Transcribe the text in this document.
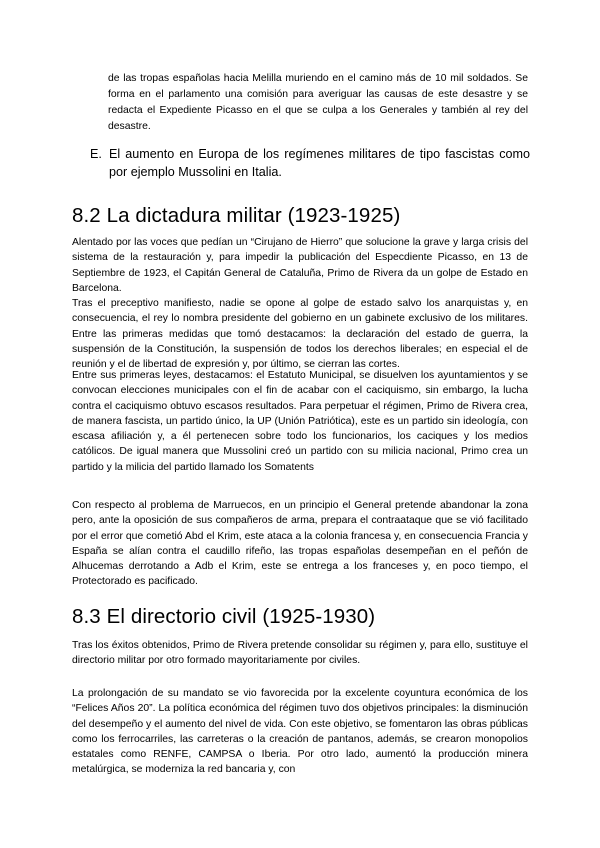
de las tropas españolas hacia Melilla muriendo en el camino más de 10 mil soldados. Se forma en el parlamento una comisión para averiguar las causas de este desastre y se redacta el Expediente Picasso en el que se culpa a los Generales y también al rey del desastre.

E. El aumento en Europa de los regímenes militares de tipo fascistas como por ejemplo Mussolini en Italia.
8.2 La dictadura militar (1923-1925)

Alentado por las voces que pedían un “Cirujano de Hierro” que solucione la grave y larga crisis del sistema de la restauración y, para impedir la publicación del Especdiente Picasso, en 13 de Septiembre de 1923, el Capitán General de Cataluña, Primo de Rivera da un golpe de Estado en Barcelona.

Tras el preceptivo manifiesto, nadie se opone al golpe de estado salvo los anarquistas y, en consecuencia, el rey lo nombra presidente del gobierno en un gabinete exclusivo de los militares. Entre las primeras medidas que tomó destacamos: la declaración del estado de guerra, la suspensión de la Constitución, la suspensión de todos los derechos liberales; en especial el de reunión y el de libertad de expresión y, por último, se cierran las cortes.

Entre sus primeras leyes, destacamos: el Estatuto Municipal, se disuelven los ayuntamientos y se convocan elecciones municipales con el fin de acabar con el caciquismo, sin embargo, la lucha contra el caciquismo obtuvo escasos resultados. Para perpetuar el régimen, Primo de Rivera crea, de manera fascista, un partido único, la UP (Unión Patriótica), este es un partido sin ideología, con escasa afiliación y, a él pertenecen sobre todo los funcionarios, los caciques y los medios católicos. De igual manera que Mussolini creó un partido con su milicia nacional, Primo crea un partido y la milicia del partido llamado los Somatents

Con respecto al problema de Marruecos, en un principio el General pretende abandonar la zona pero, ante la oposición de sus compañeros de arma, prepara el contraataque que se vió facilitado por el error que cometió Abd el Krim, este ataca a la colonia francesa y, en consecuencia Francia y España se alían contra el caudillo rifeño, las tropas españolas desempeñan en el peñón de Alhucemas derrotando a Adb el Krim, este se entrega a los franceses y, en poco tiempo, el Protectorado es pacificado.

8.3 El directorio civil (1925-1930)

Tras los éxitos obtenidos, Primo de Rivera pretende consolidar su régimen y, para ello, sustituye el directorio militar por otro formado mayoritariamente por civiles.

La prolongación de su mandato se vio favorecida por la excelente coyuntura económica de los “Felices Años 20”. La política económica del régimen tuvo dos objetivos principales: la disminución del desempeño y el aumento del nivel de vida. Con este objetivo, se fomentaron las obras públicas como los ferrocarriles, las carreteras o la creación de pantanos, además, se crearon monopolios estatales como RENFE, CAMPSA o Iberia. Por otro lado, aumentó la producción minera metalúrgica, se moderniza la red bancaria y, con
